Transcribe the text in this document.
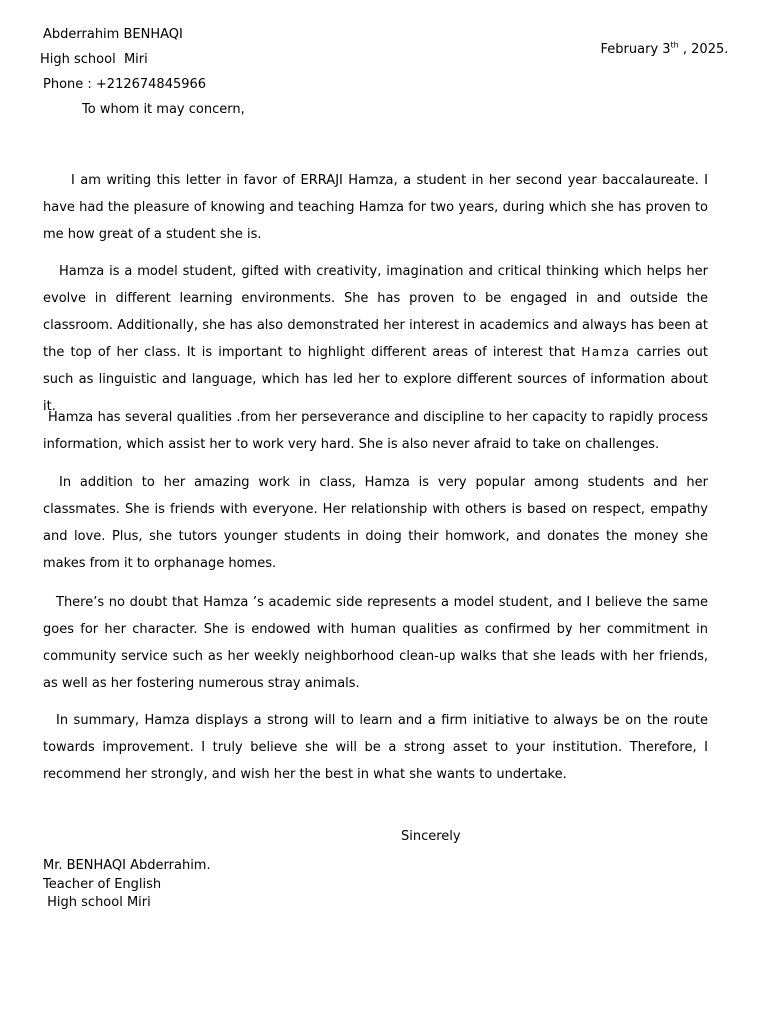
Abderrahim BENHAQI
High school  Miri
Phone : +212674845966

February 3th , 2025.

To whom it may concern,
I am writing this letter in favor of ERRAJI Hamza, a student in her second year baccalaureate. I have had the pleasure of knowing and teaching Hamza for two years, during which she has proven to me how great of a student she is.
Hamza is a model student, gifted with creativity, imagination and critical thinking which helps her evolve in different learning environments. She has proven to be engaged in and outside the classroom. Additionally, she has also demonstrated her interest in academics and always has been at the top of her class. It is important to highlight different areas of interest that Hamza carries out such as linguistic and language, which has led her to explore different sources of information about it.
Hamza has several qualities .from her perseverance and discipline to her capacity to rapidly process information, which assist her to work very hard. She is also never afraid to take on challenges.
In addition to her amazing work in class, Hamza is very popular among students and her classmates. She is friends with everyone. Her relationship with others is based on respect, empathy and love. Plus, she tutors younger students in doing their homwork, and donates the money she makes from it to orphanage homes.
There’s no doubt that Hamza ’s academic side represents a model student, and I believe the same goes for her character. She is endowed with human qualities as confirmed by her commitment in community service such as her weekly neighborhood clean-up walks that she leads with her friends, as well as her fostering numerous stray animals.
In summary, Hamza displays a strong will to learn and a firm initiative to always be on the route towards improvement. I truly believe she will be a strong asset to your institution. Therefore, I recommend her strongly, and wish her the best in what she wants to undertake.
Sincerely
Mr. BENHAQI Abderrahim.
Teacher of English
High school Miri
